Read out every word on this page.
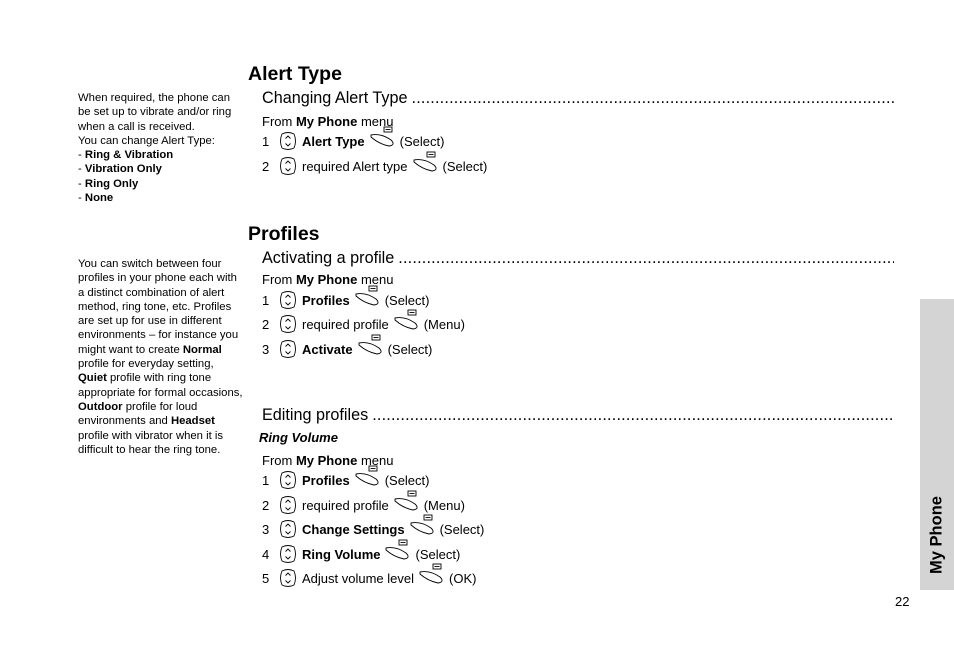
When required, the phone can be set up to vibrate and/or ring when a call is received.

You can change Alert Type:

- Ring & Vibration

- Vibration Only

- Ring Only

- None

You can switch between four profiles in your phone each with a distinct combination of alert method, ring tone, etc. Profiles are set up for use in different environments – for instance you might want to create Normal profile for everyday setting, Quiet profile with ring tone appropriate for formal occasions, Outdoor profile for loud environments and Headset profile with vibrator when it is difficult to hear the ring tone.

Alert Type
Changing Alert Type
.....
From My Phone menu
1	Alert Type	(Select)
2	required Alert type	(Select)
Profiles
Activating a profile
.....
From My Phone menu
1	Profiles	(Select)
2	required profile	(Menu)
3	Activate	(Select)
Editing profiles
.....
Ring Volume
From My Phone menu
1	Profiles	(Select)
2	required profile	(Menu)
3	Change Settings	(Select)
4	Ring Volume	(Select)
5	Adjust volume level	(OK)
My Phone
22
